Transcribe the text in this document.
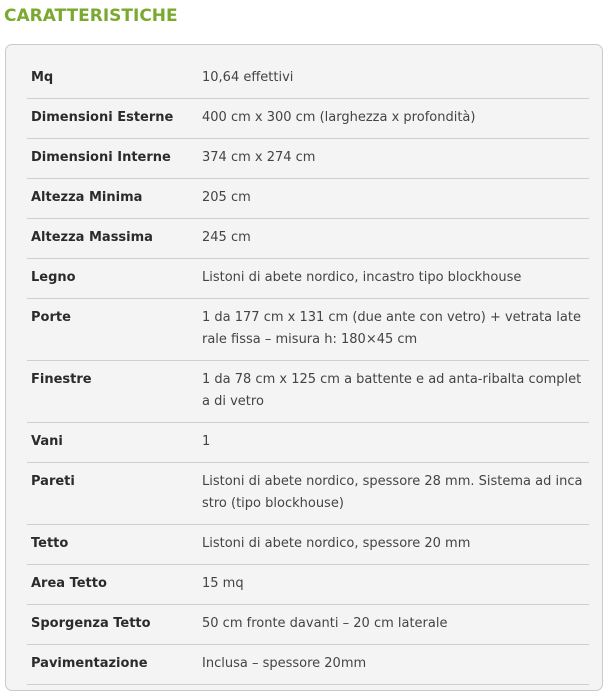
CARATTERISTICHE
Mq	10,64 effettivi
Dimensioni Esterne	400 cm x 300 cm (larghezza x profondità)
Dimensioni Interne	374 cm x 274 cm
Altezza Minima	205 cm
Altezza Massima	245 cm
Legno	Listoni di abete nordico, incastro tipo blockhouse
Porte	1 da 177 cm x 131 cm (due ante con vetro) + vetrata laterale fissa – misura h: 180×45 cm
Finestre	1 da 78 cm x 125 cm a battente e ad anta-ribalta completa di vetro
Vani	1
Pareti	Listoni di abete nordico, spessore 28 mm. Sistema ad incastro (tipo blockhouse)
Tetto	Listoni di abete nordico, spessore 20 mm
Area Tetto	15 mq
Sporgenza Tetto	50 cm fronte davanti – 20 cm laterale
Pavimentazione	Inclusa – spessore 20mm
